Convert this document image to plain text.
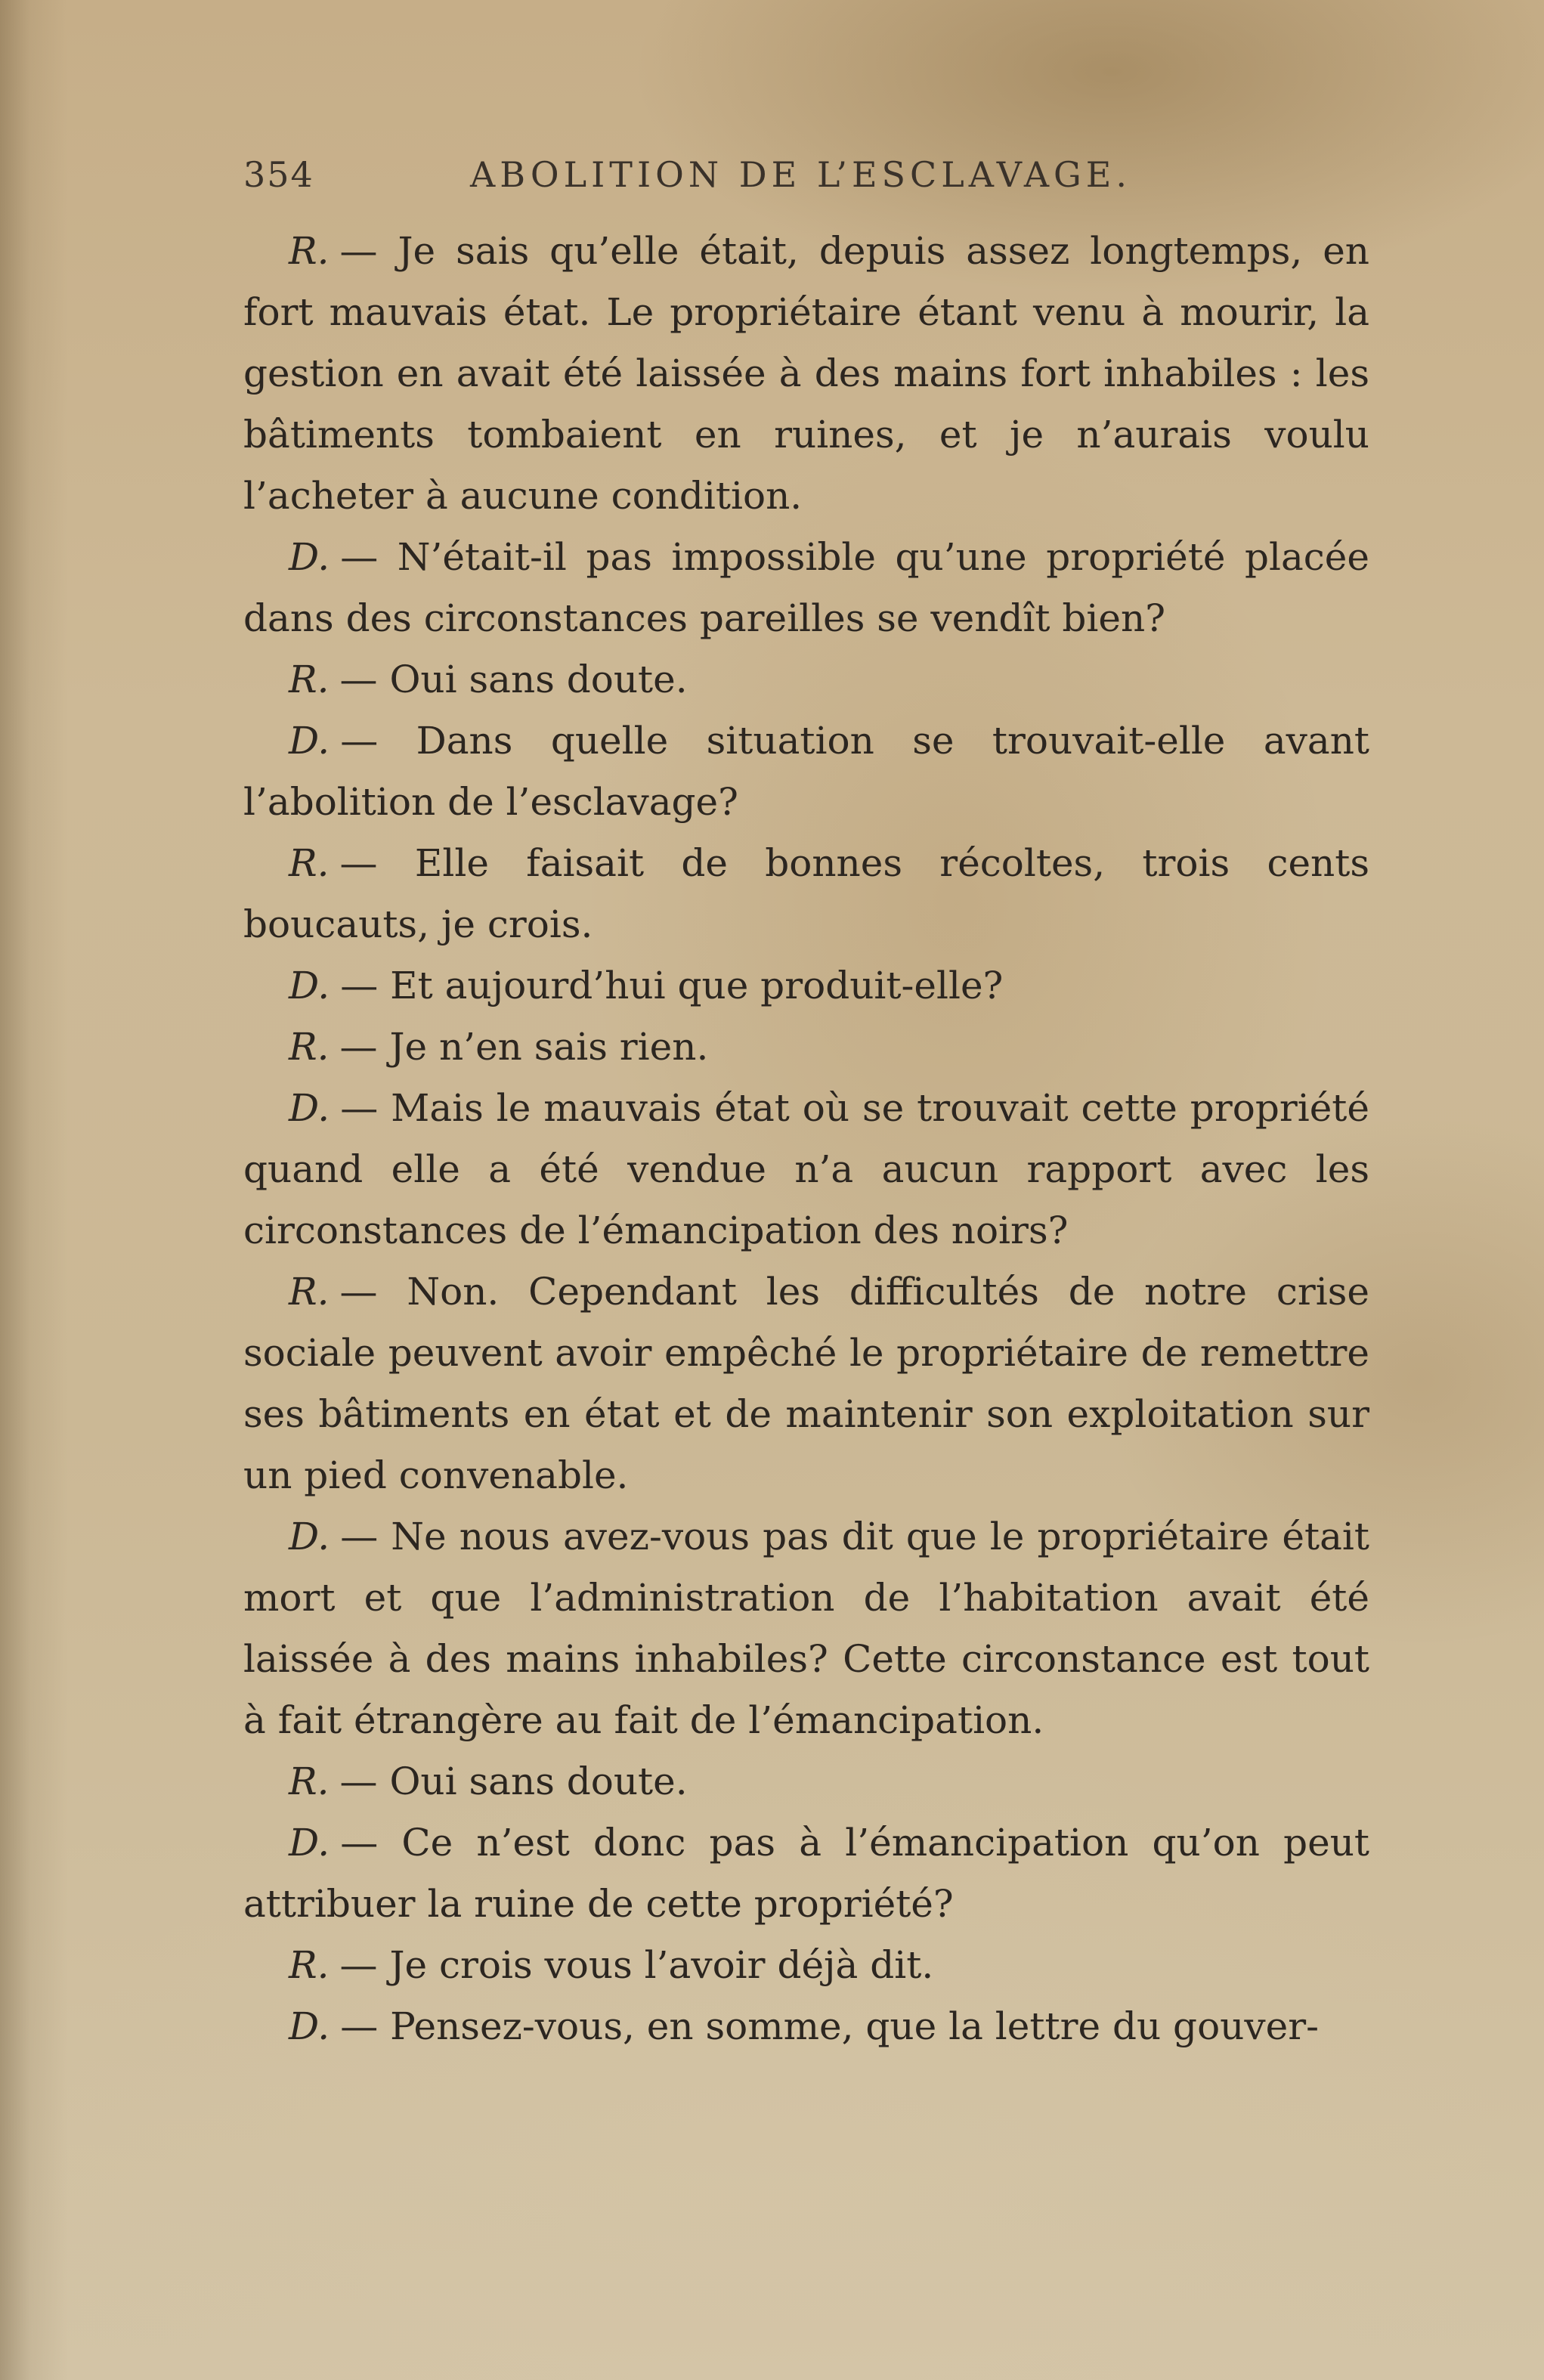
354	ABOLITION DE L’ESCLAVAGE.

R. — Je sais qu’elle était, depuis assez longtemps, en fort mauvais état. Le propriétaire étant venu à mourir, la gestion en avait été laissée à des mains fort inhabiles : les bâtiments tombaient en ruines, et je n’aurais voulu l’acheter à aucune condition.

D. — N’était-il pas impossible qu’une propriété placée dans des circonstances pareilles se vendît bien?

R. — Oui sans doute.

D. — Dans quelle situation se trouvait-elle avant l’abolition de l’esclavage?

R. — Elle faisait de bonnes récoltes, trois cents boucauts, je crois.

D. — Et aujourd’hui que produit-elle?

R. — Je n’en sais rien.

D. — Mais le mauvais état où se trouvait cette propriété quand elle a été vendue n’a aucun rapport avec les circonstances de l’émancipation des noirs?

R. — Non. Cependant les difficultés de notre crise sociale peuvent avoir empêché le propriétaire de remettre ses bâtiments en état et de maintenir son exploitation sur un pied convenable.

D. — Ne nous avez-vous pas dit que le propriétaire était mort et que l’administration de l’habitation avait été laissée à des mains inhabiles? Cette circonstance est tout à fait étrangère au fait de l’émancipation.

R. — Oui sans doute.

D. — Ce n’est donc pas à l’émancipation qu’on peut attribuer la ruine de cette propriété?

R. — Je crois vous l’avoir déjà dit.

D. — Pensez-vous, en somme, que la lettre du gouver-
